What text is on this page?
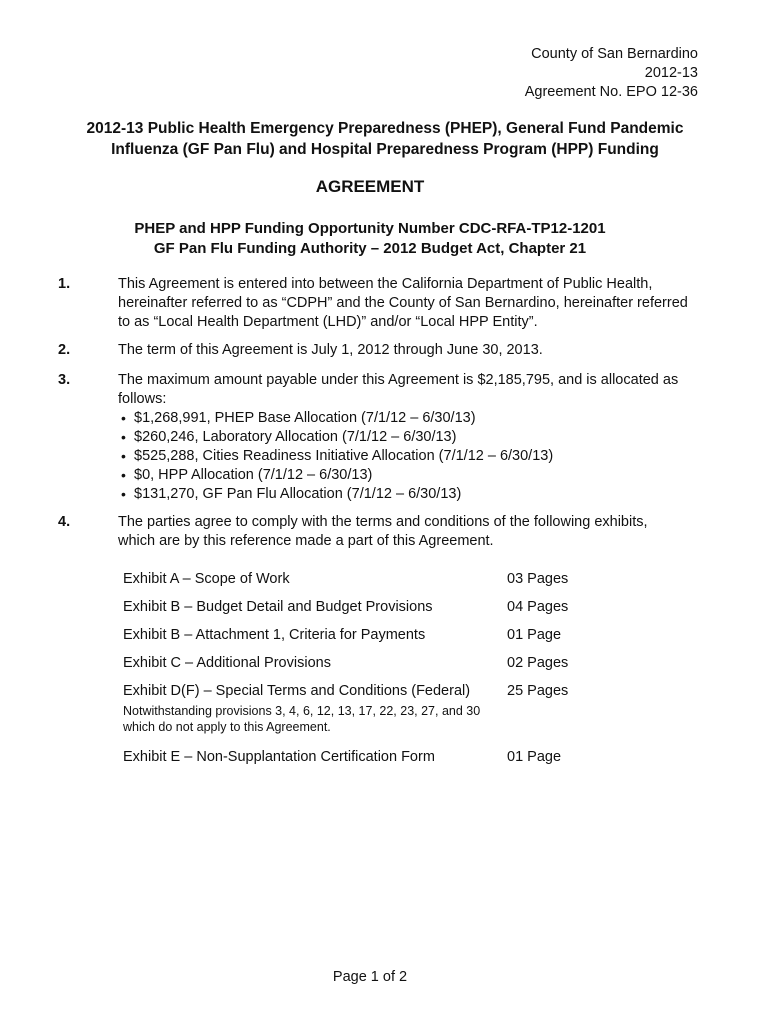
County of San Bernardino
2012-13
Agreement No. EPO 12-36
2012-13 Public Health Emergency Preparedness (PHEP), General Fund Pandemic
Influenza (GF Pan Flu) and Hospital Preparedness Program (HPP) Funding
AGREEMENT
PHEP and HPP Funding Opportunity Number CDC-RFA-TP12-1201
GF Pan Flu Funding Authority – 2012 Budget Act, Chapter 21
1.	This Agreement is entered into between the California Department of Public Health, hereinafter referred to as “CDPH” and the County of San Bernardino, hereinafter referred to as “Local Health Department (LHD)” and/or “Local HPP Entity”.
2.	The term of this Agreement is July 1, 2012 through June 30, 2013.
3.	The maximum amount payable under this Agreement is $2,185,795, and is allocated as follows:
• $1,268,991, PHEP Base Allocation (7/1/12 – 6/30/13)
• $260,246, Laboratory Allocation (7/1/12 – 6/30/13)
• $525,288, Cities Readiness Initiative Allocation (7/1/12 – 6/30/13)
• $0, HPP Allocation (7/1/12 – 6/30/13)
• $131,270, GF Pan Flu Allocation (7/1/12 – 6/30/13)
4.	The parties agree to comply with the terms and conditions of the following exhibits, which are by this reference made a part of this Agreement.
Exhibit A – Scope of Work	03 Pages
Exhibit B – Budget Detail and Budget Provisions	04 Pages
Exhibit B – Attachment 1, Criteria for Payments	01 Page
Exhibit C – Additional Provisions	02 Pages
Exhibit D(F) – Special Terms and Conditions (Federal)	25 Pages
Notwithstanding provisions 3, 4, 6, 12, 13, 17, 22, 23, 27, and 30 which do not apply to this Agreement.
Exhibit E – Non-Supplantation Certification Form	01 Page
Page 1 of 2
